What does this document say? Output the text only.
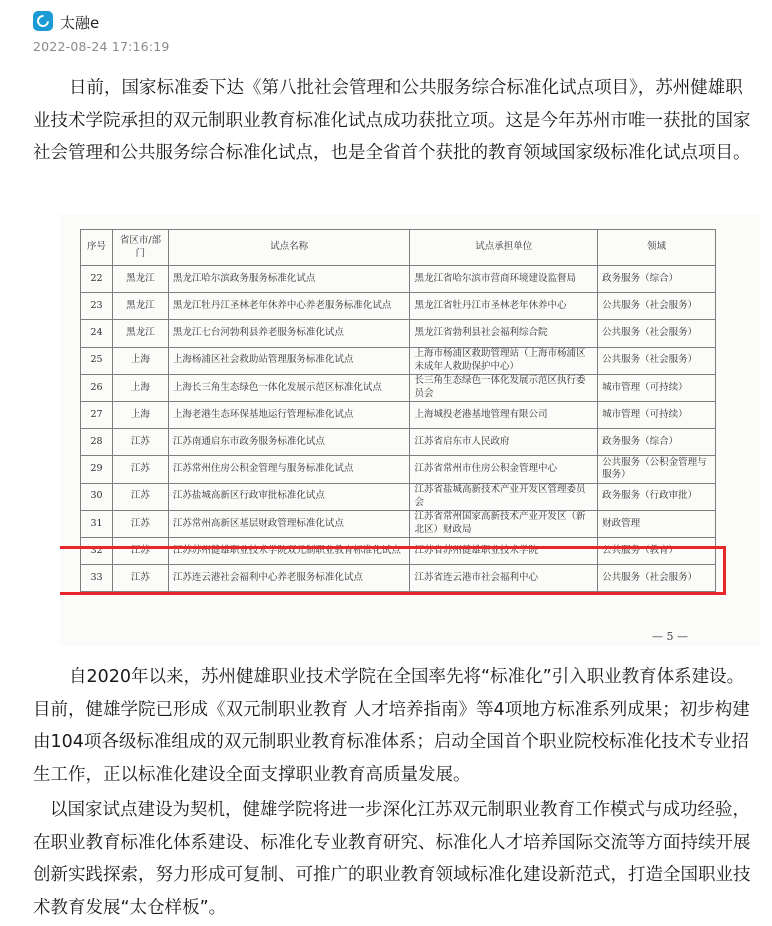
太融e
2022-08-24 17:16:19
日前，国家标准委下达《第八批社会管理和公共服务综合标准化试点项目》，苏州健雄职业技术学院承担的双元制职业教育标准化试点成功获批立项。这是今年苏州市唯一获批的国家社会管理和公共服务综合标准化试点，也是全省首个获批的教育领域国家级标准化试点项目。
序号	省区市/部门	试点名称	试点承担单位	领域
22	黑龙江	黑龙江哈尔滨政务服务标准化试点	黑龙江省哈尔滨市营商环境建设监督局	政务服务（综合）
23	黑龙江	黑龙江牡丹江圣林老年休养中心养老服务标准化试点	黑龙江省牡丹江市圣林老年休养中心	公共服务（社会服务）
24	黑龙江	黑龙江七台河勃利县养老服务标准化试点	黑龙江省勃利县社会福利综合院	公共服务（社会服务）
25	上海	上海杨浦区社会救助站管理服务标准化试点	上海市杨浦区救助管理站（上海市杨浦区未成年人救助保护中心）	公共服务（社会服务）
26	上海	上海长三角生态绿色一体化发展示范区标准化试点	长三角生态绿色一体化发展示范区执行委员会	城市管理（可持续）
27	上海	上海老港生态环保基地运行管理标准化试点	上海城投老港基地管理有限公司	城市管理（可持续）
28	江苏	江苏南通启东市政务服务标准化试点	江苏省启东市人民政府	政务服务（综合）
29	江苏	江苏常州住房公积金管理与服务标准化试点	江苏省常州市住房公积金管理中心	公共服务（公积金管理与服务）
30	江苏	江苏盐城高新区行政审批标准化试点	江苏省盐城高新技术产业开发区管理委员会	政务服务（行政审批）
31	江苏	江苏常州高新区基层财政管理标准化试点	江苏省常州国家高新技术产业开发区（新北区）财政局	财政管理
32	江苏	江苏苏州健雄职业技术学院双元制职业教育标准化试点	江苏省苏州健雄职业技术学院	公共服务（教育）
33	江苏	江苏连云港社会福利中心养老服务标准化试点	江苏省连云港市社会福利中心	公共服务（社会服务）
— 5 —
自2020年以来，苏州健雄职业技术学院在全国率先将“标准化”引入职业教育体系建设。目前，健雄学院已形成《双元制职业教育 人才培养指南》等4项地方标准系列成果；初步构建由104项各级标准组成的双元制职业教育标准体系；启动全国首个职业院校标准化技术专业招生工作，正以标准化建设全面支撑职业教育高质量发展。
以国家试点建设为契机，健雄学院将进一步深化江苏双元制职业教育工作模式与成功经验，在职业教育标准化体系建设、标准化专业教育研究、标准化人才培养国际交流等方面持续开展创新实践探索，努力形成可复制、可推广的职业教育领域标准化建设新范式，打造全国职业技术教育发展“太仓样板”。
